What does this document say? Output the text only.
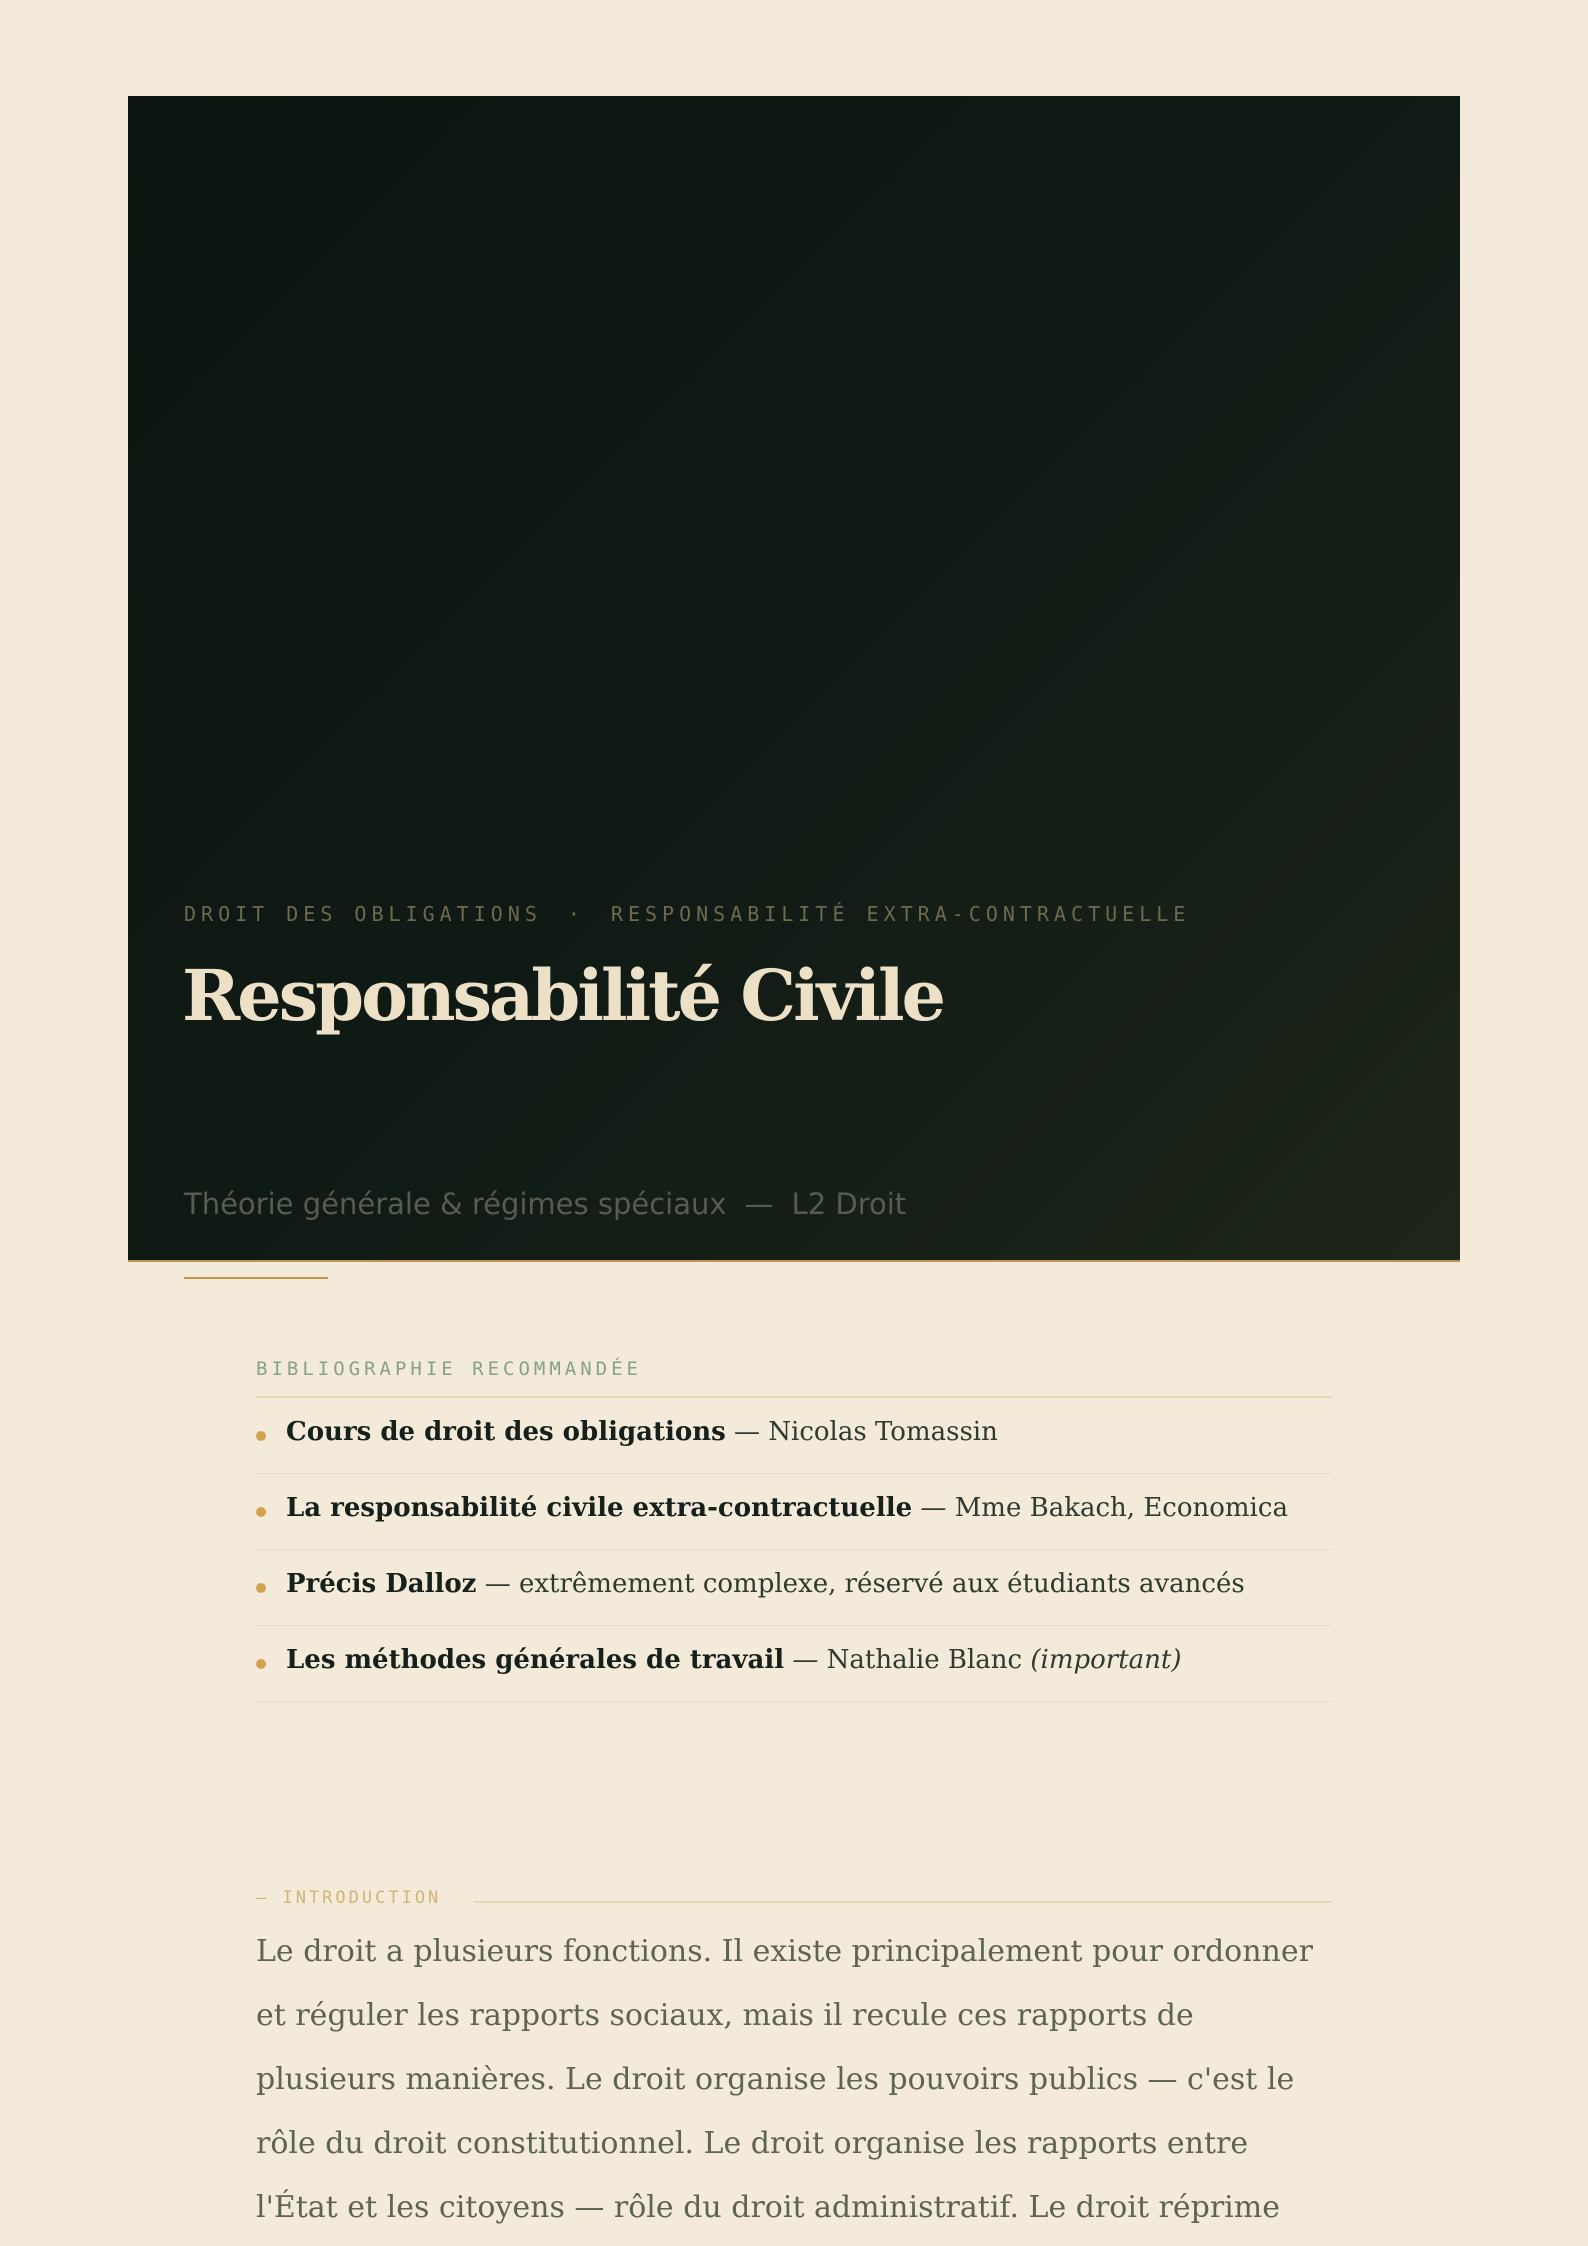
DROIT DES OBLIGATIONS · RESPONSABILITÉ EXTRA-CONTRACTUELLE
Responsabilité Civile
Théorie générale & régimes spéciaux — L2 Droit
BIBLIOGRAPHIE RECOMMANDÉE
Cours de droit des obligations — Nicolas Tomassin
La responsabilité civile extra-contractuelle — Mme Bakach, Economica
Précis Dalloz — extrêmement complexe, réservé aux étudiants avancés
Les méthodes générales de travail — Nathalie Blanc (important)
— INTRODUCTION

Le droit a plusieurs fonctions. Il existe principalement pour ordonner et réguler les rapports sociaux, mais il recule ces rapports de plusieurs manières. Le droit organise les pouvoirs publics — c'est le rôle du droit constitutionnel. Le droit organise les rapports entre l'État et les citoyens — rôle du droit administratif. Le droit réprime
